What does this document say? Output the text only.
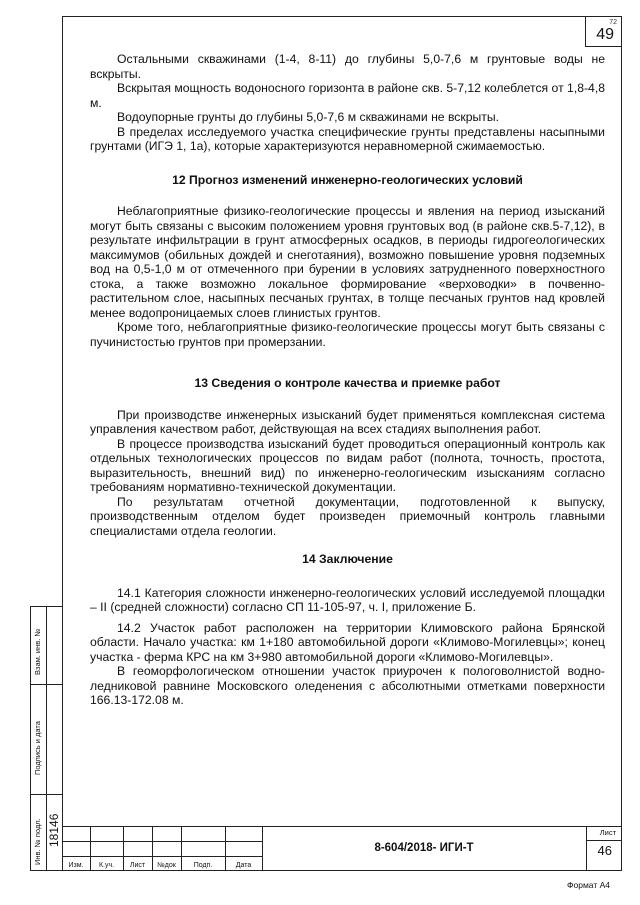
72
49

Остальными скважинами (1-4, 8-11) до глубины 5,0-7,6 м грунтовые воды не вскрыты.

Вскрытая мощность водоносного горизонта в районе скв. 5-7,12 колеблется от 1,8-4,8 м.

Водоупорные грунты до глубины 5,0-7,6 м скважинами не вскрыты.

В пределах исследуемого участка специфические грунты представлены насыпными грунтами (ИГЭ 1, 1а), которые характеризуются неравномерной сжимаемостью.

12 Прогноз изменений инженерно-геологических условий

Неблагоприятные физико-геологические процессы и явления на период изысканий могут быть связаны с высоким положением уровня грунтовых вод (в районе скв.5-7,12), в результате инфильтрации в грунт атмосферных осадков, в периоды гидрогеологических максимумов (обильных дождей и снеготаяния), возможно повышение уровня подземных вод на 0,5-1,0 м от отмеченного при бурении в условиях затрудненного поверхностного стока, а также возможно локальное формирование «верховодки» в почвенно-растительном слое, насыпных песчаных грунтах, в толще песчаных грунтов над кровлей менее водопроницаемых слоев глинистых грунтов.

Кроме того, неблагоприятные физико-геологические процессы могут быть связаны с пучинистостью грунтов при промерзании.

13 Сведения о контроле качества и приемке работ

При производстве инженерных изысканий будет применяться комплексная система управления качеством работ, действующая на всех стадиях выполнения работ.

В процессе производства изысканий будет проводиться операционный контроль как отдельных технологических процессов по видам работ (полнота, точность, простота, выразительность, внешний вид) по инженерно-геологическим изысканиям согласно требованиям нормативно-технической документации.

По результатам отчетной документации, подготовленной к выпуску, производственным отделом будет произведен приемочный контроль главными специалистами отдела геологии.

14 Заключение

14.1 Категория сложности инженерно-геологических условий исследуемой площадки – II (средней сложности) согласно СП 11-105-97, ч. I, приложение Б.

14.2 Участок работ расположен на территории Климовского района Брянской области. Начало участка: км 1+180 автомобильной дороги «Климово-Могилевцы»; конец участка - ферма КРС на км 3+980 автомобильной дороги «Климово-Могилевцы».

В геоморфологическом отношении участок приурочен к пологоволнистой водно-ледниковой равнине Московского оледенения с абсолютными отметками поверхности 166.13-172.08 м.

Взам. инв. №
Подпись и дата
Инв. № подл. 18146
Изм.	К.уч.	Лист	№док	Подп.	Дата
8-604/2018- ИГИ-Т
Лист
46
Формат А4
